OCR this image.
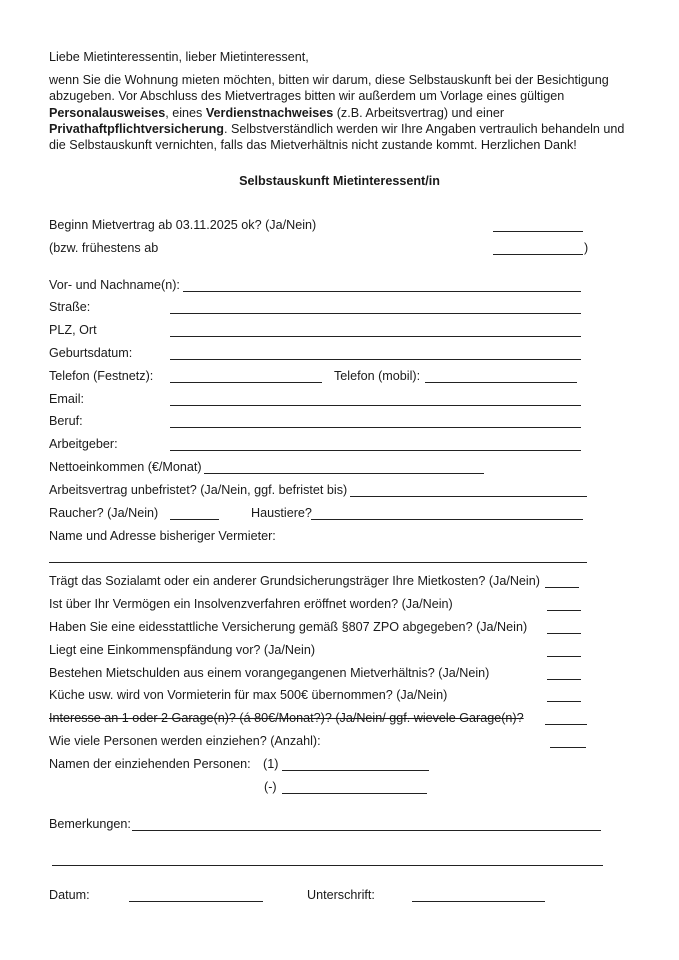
Liebe Mietinteressentin, lieber Mietinteressent,
wenn Sie die Wohnung mieten möchten, bitten wir darum, diese Selbstauskunft bei der Besichtigung abzugeben. Vor Abschluss des Mietvertrages bitten wir außerdem um Vorlage eines gültigen Personalausweises, eines Verdienstnachweises (z.B. Arbeitsvertrag) und einer Privathaftpflichtversicherung. Selbstverständlich werden wir Ihre Angaben vertraulich behandeln und die Selbstauskunft vernichten, falls das Mietverhältnis nicht zustande kommt. Herzlichen Dank!
Selbstauskunft Mietinteressent/in
Beginn Mietvertrag ab 03.11.2025 ok? (Ja/Nein)
(bzw. frühestens ab	)
Vor- und Nachname(n):
Straße:
PLZ, Ort
Geburtsdatum:
Telefon (Festnetz):	Telefon (mobil):
Email:
Beruf:
Arbeitgeber:
Nettoeinkommen (€/Monat)
Arbeitsvertrag unbefristet? (Ja/Nein, ggf. befristet bis)
Raucher? (Ja/Nein)	Haustiere?
Name und Adresse bisheriger Vermieter:
Trägt das Sozialamt oder ein anderer Grundsicherungsträger Ihre Mietkosten? (Ja/Nein)
Ist über Ihr Vermögen ein Insolvenzverfahren eröffnet worden? (Ja/Nein)
Haben Sie eine eidesstattliche Versicherung gemäß §807 ZPO abgegeben? (Ja/Nein)
Liegt eine Einkommenspfändung vor? (Ja/Nein)
Bestehen Mietschulden aus einem vorangegangenen Mietverhältnis? (Ja/Nein)
Küche usw. wird von Vormieterin für max 500€ übernommen? (Ja/Nein)
Interesse an 1 oder 2 Garage(n)? (á 80€/Monat?)? (Ja/Nein/ ggf. wievele Garage(n)?
Wie viele Personen werden einziehen? (Anzahl):
Namen der einziehenden Personen: (1)
(-)
Bemerkungen:
Datum:	Unterschrift:
